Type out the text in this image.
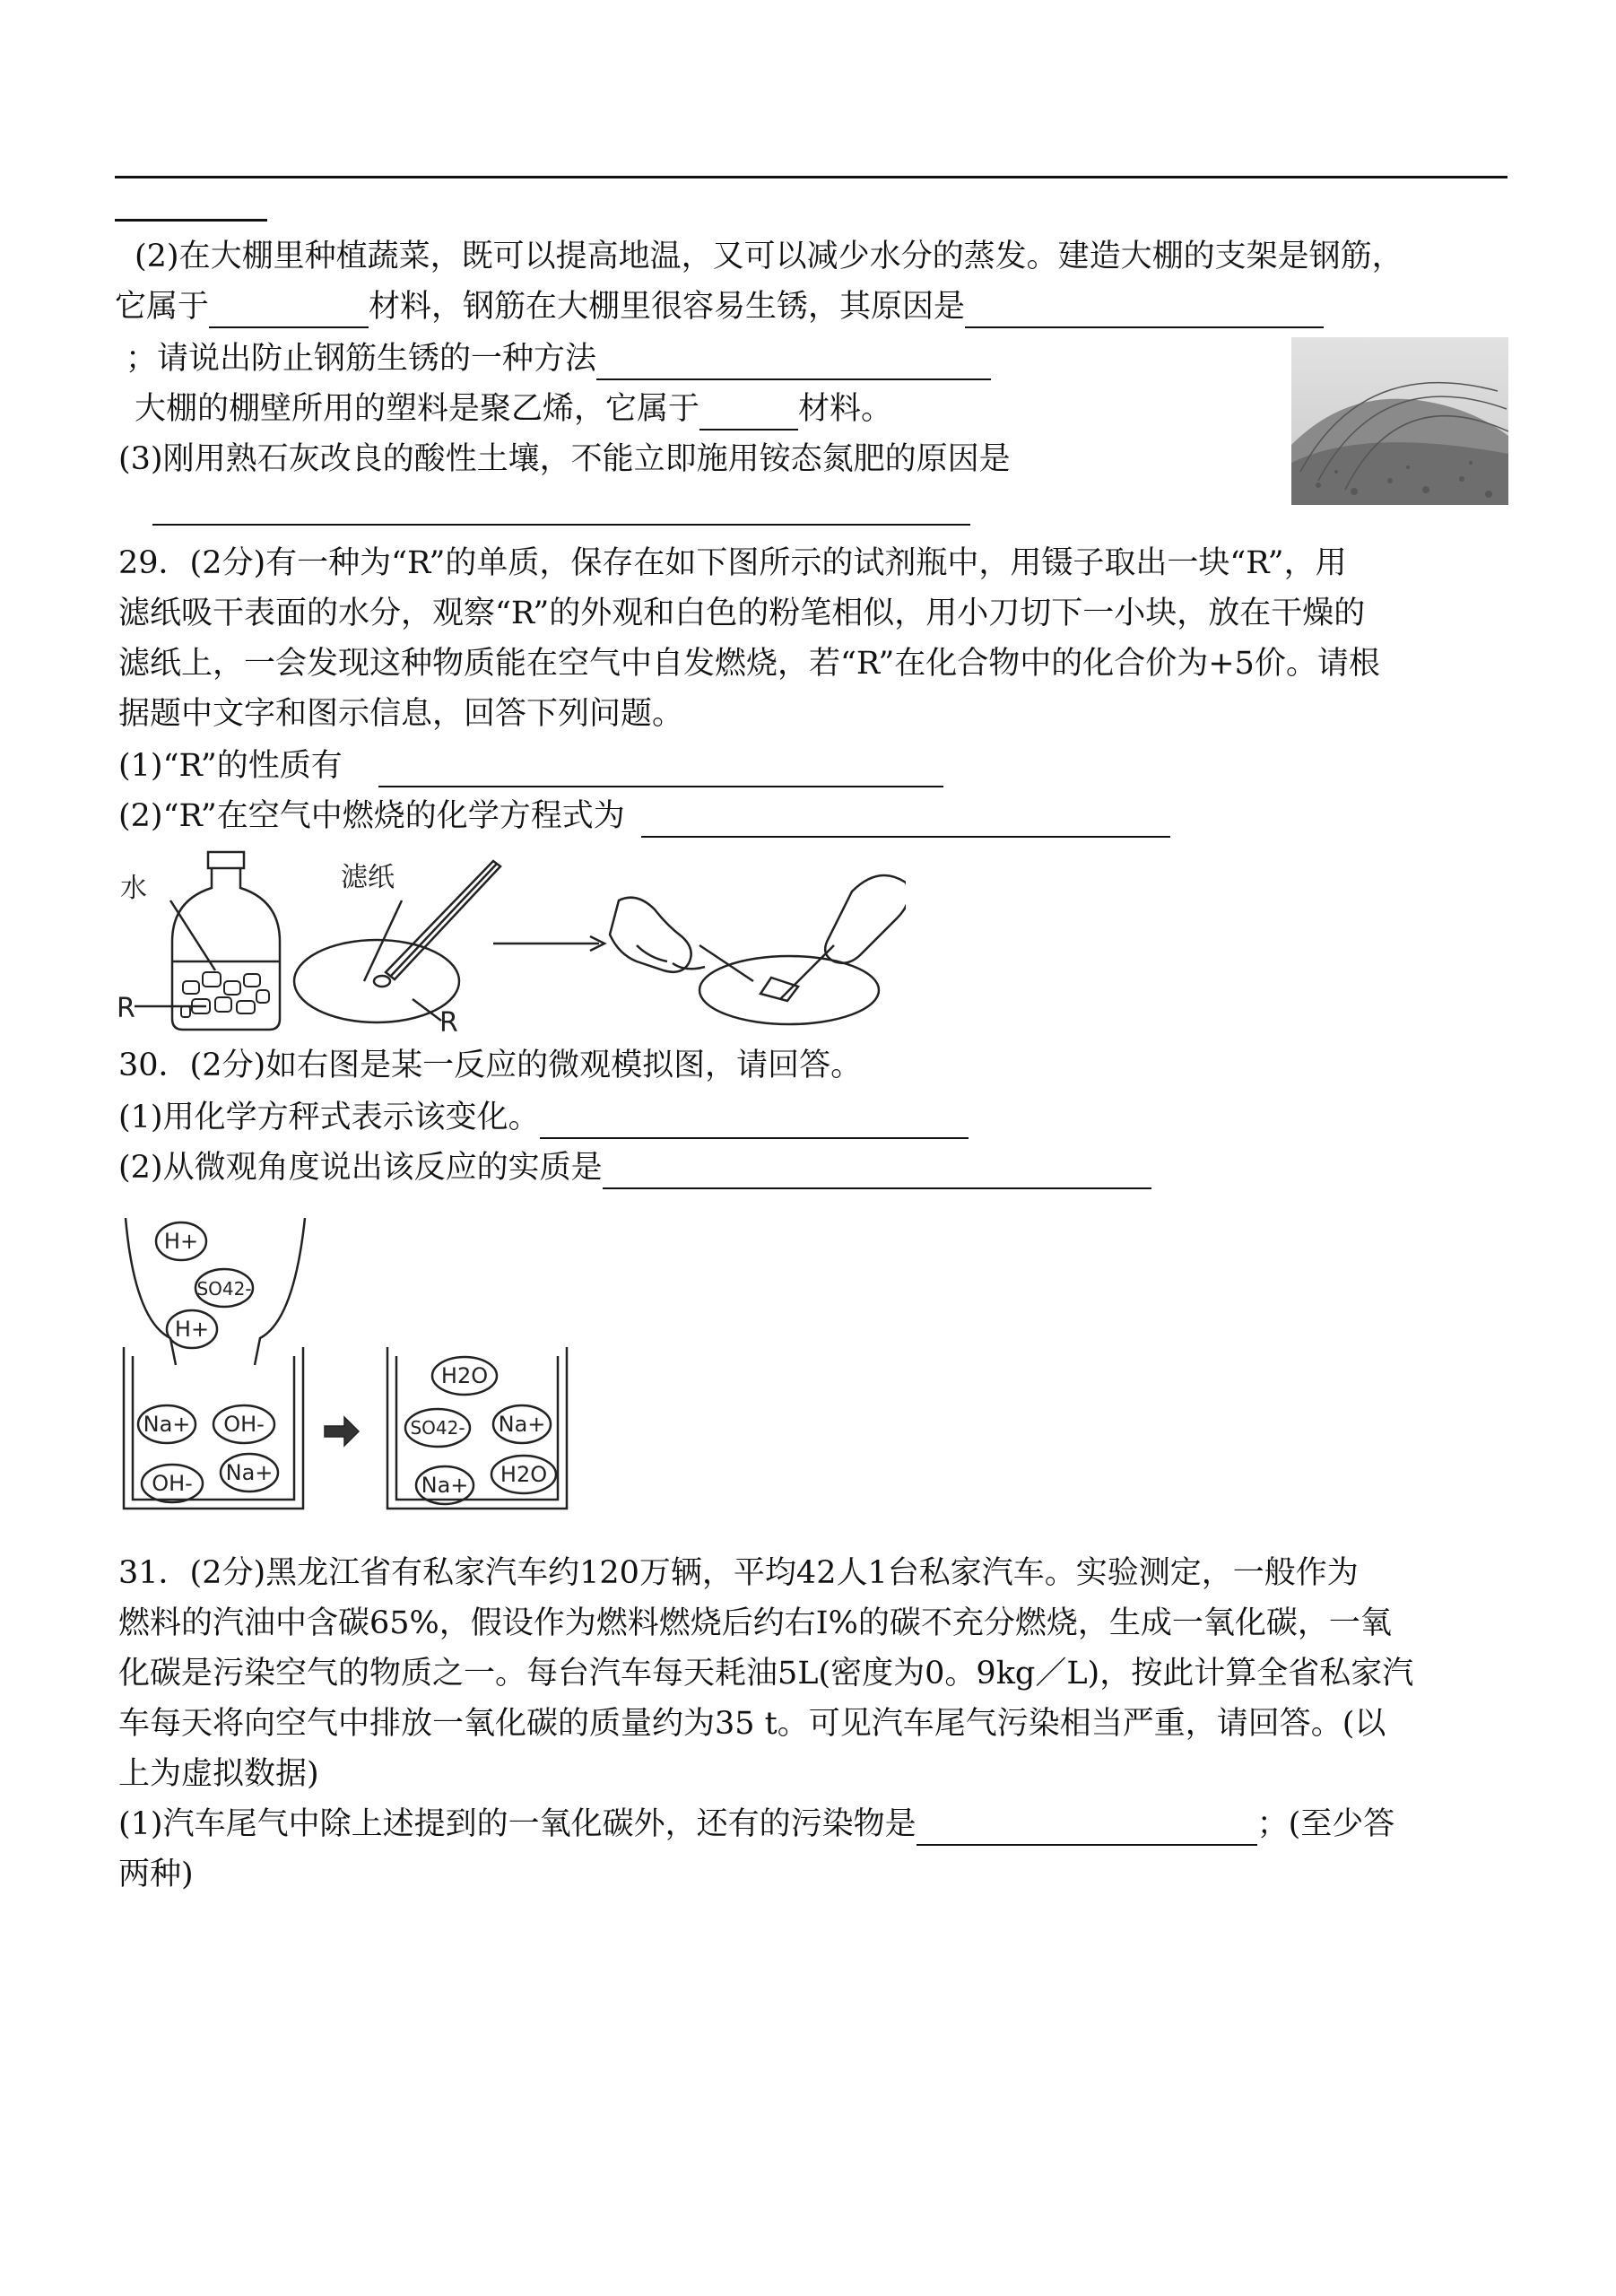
(2)在大棚里种植蔬菜，既可以提高地温，又可以减少水分的蒸发。建造大棚的支架是钢筋，
它属于	材料，钢筋在大棚里很容易生锈，其原因是
；请说出防止钢筋生锈的一种方法
大棚的棚壁所用的塑料是聚乙烯，它属于	材料。
(3)刚用熟石灰改良的酸性土壤，不能立即施用铵态氮肥的原因是
29．(2分)有一种为“R”的单质，保存在如下图所示的试剂瓶中，用镊子取出一块“R”，用
滤纸吸干表面的水分，观察“R”的外观和白色的粉笔相似，用小刀切下一小块，放在干燥的
滤纸上，一会发现这种物质能在空气中自发燃烧，若“R”在化合物中的化合价为+5价。请根
据题中文字和图示信息，回答下列问题。
(1)“R”的性质有
(2)“R”在空气中燃烧的化学方程式为
水
R
滤纸
R
30．(2分)如右图是某一反应的微观模拟图，请回答。
(1)用化学方秤式表示该变化。
(2)从微观角度说出该反应的实质是
H+
SO42-
H+
Na+ OH-
OH- Na+
H2O
SO42- Na+
Na+ H2O
31．(2分)黑龙江省有私家汽车约120万辆，平均42人1台私家汽车。实验测定，一般作为
燃料的汽油中含碳65%，假设作为燃料燃烧后约右I%的碳不充分燃烧，生成一氧化碳，一氧
化碳是污染空气的物质之一。每台汽车每天耗油5L(密度为0。9kg／L)，按此计算全省私家汽
车每天将向空气中排放一氧化碳的质量约为35 t。可见汽车尾气污染相当严重，请回答。(以
上为虚拟数据)
(1)汽车尾气中除上述提到的一氧化碳外，还有的污染物是	；(至少答
两种)
